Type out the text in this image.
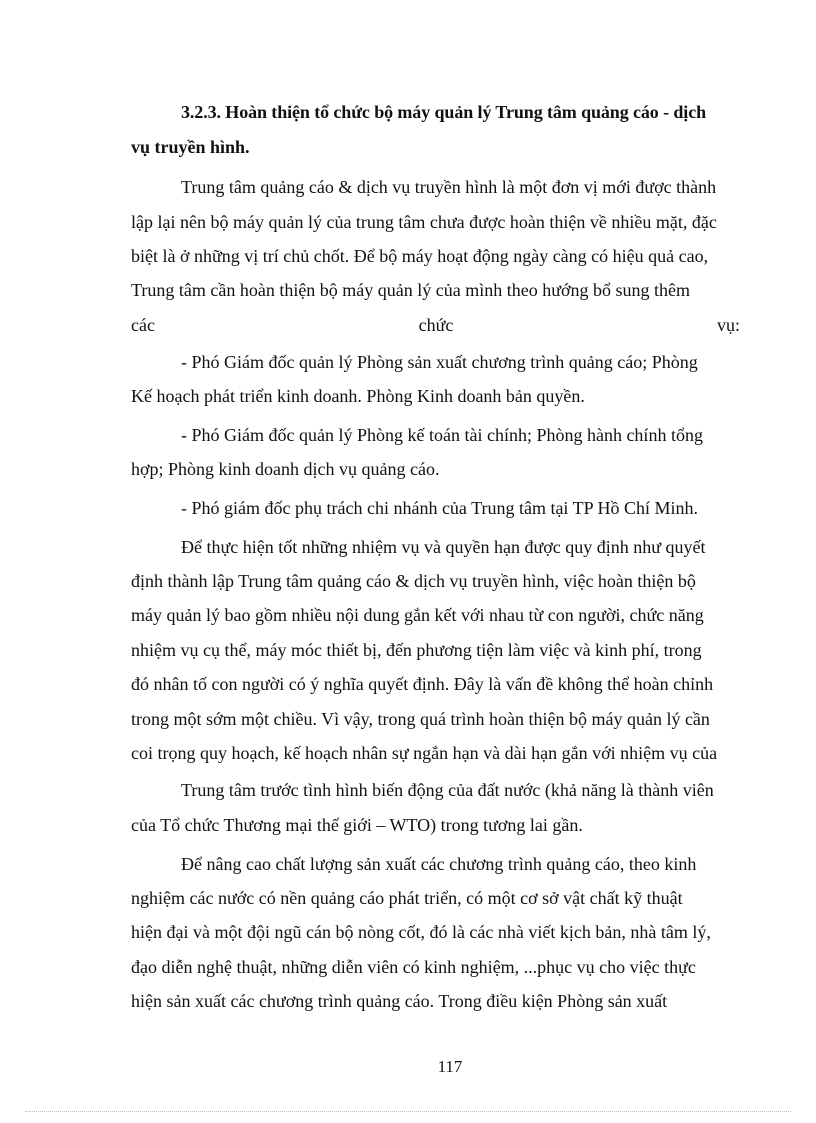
3.2.3. Hoàn thiện tổ chức bộ máy quản lý Trung tâm quảng cáo - dịch
vụ truyền hình.
Trung tâm quảng cáo & dịch vụ truyền hình là một đơn vị mới được thành
lập lại nên bộ máy quản lý của trung tâm chưa được hoàn thiện về nhiều mặt, đặc
biệt là ở những vị trí chủ chốt. Để bộ máy hoạt động ngày càng có hiệu quả cao,
Trung tâm cần hoàn thiện bộ máy quản lý của mình theo hướng bổ sung thêm
các	chức	vụ:
- Phó Giám đốc quản lý Phòng sản xuất chương trình quảng cáo; Phòng
Kế hoạch phát triển kinh doanh. Phòng Kinh doanh bản quyền.
- Phó Giám đốc quản lý Phòng kế toán tài chính; Phòng hành chính tổng
hợp; Phòng kinh doanh dịch vụ quảng cáo.
- Phó giám đốc phụ trách chi nhánh của Trung tâm tại TP Hồ Chí Minh.
Để thực hiện tốt những nhiệm vụ và quyền hạn được quy định như quyết
định thành lập Trung tâm quảng cáo & dịch vụ truyền hình, việc hoàn thiện bộ
máy quản lý bao gồm nhiều nội dung gắn kết với nhau từ con người, chức năng
nhiệm vụ cụ thể, máy móc thiết bị, đến phương tiện làm việc và kinh phí, trong
đó nhân tố con người có ý nghĩa quyết định. Đây là vấn đề không thể hoàn chỉnh
trong một sớm một chiều. Vì vậy, trong quá trình hoàn thiện bộ máy quản lý cần
coi trọng quy hoạch, kế hoạch nhân sự ngắn hạn và dài hạn gắn với nhiệm vụ của
Trung tâm trước tình hình biến động của đất nước (khả năng là thành viên
của Tổ chức Thương mại thế giới – WTO) trong tương lai gần.
Để nâng cao chất lượng sản xuất các chương trình quảng cáo, theo kinh
nghiệm các nước có nền quảng cáo phát triển, có một cơ sở vật chất kỹ thuật
hiện đại và một đội ngũ cán bộ nòng cốt, đó là các nhà viết kịch bản, nhà tâm lý,
đạo diễn nghệ thuật, những diễn viên có kinh nghiệm, ...phục vụ cho việc thực
hiện sản xuất các chương trình quảng cáo. Trong điều kiện Phòng sản xuất
117
